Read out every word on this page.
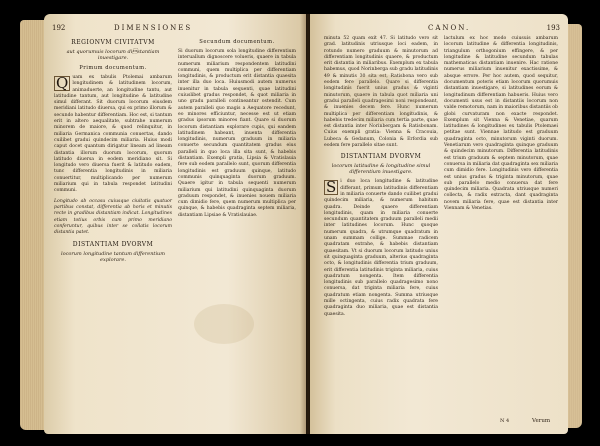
192	DIMENSIONES
REGIONVM CIVITATVM
aut quorumuis locorum distantiam inuestigare.
Primum documentum.

Q uam ex tabulis Ptolemai ambarum longitudinem & latitudinem locorum, animaduerte, an longitudine tantu, aut latitudine tantum, aut longitudine & latitudine simul differant. Sit duorum locorum eiusdem meridiani latitudo diuersa, qui ex primo illorum & secundo habentur differentiam. Hoc est, si tantum erit in altero aequalitate, subtrahe numerum minorem de maiore, & quod relinquitur, in miliaria Germanica communia conuertas, dando cuilibet gradui quindecim miliaria. Huius modi caput docet quantum dirigatur lineam ad lineam distantia illorum duorum locorum, quorum latitudo diuersa in eodem meridiano sit. Si longitudo vero diuersa fuerit & latitudo eadem, tunc differentia longitudinis in miliaria conuertitur, multiplicando per numerum miliarium qui in tabula respondet latitudini communi.

Longitudo ab occasu cuiusque ciuitatis quatuor partibus constat, differentia ab horis et minutis recte in gradibus distantiam indicat. Longitudines etiam totius orbis cum primo meridiano conferuntur, quibus inter se collatis locorum distantia patet.

DISTANTIAM DVORVM
locorum longitudine tantum differentium explorare.
Secundum documentum.

Si duorum locorum sola longitudine differentium interuallum dignoscere volueris, quaere in tabula numerum miliarium respondentem latitudini communi, quem multiplica per differentiam longitudinis, & productum erit distantia quaesita inter illa duo loca. Huiusmodi autem numerus inuenitur in tabula sequenti, quae latitudini cuiuslibet gradus respondet, & quot miliaria in uno gradu paralleli contineantur ostendit. Cum autem paralleli quo magis a Aequatore recedunt, eo minores efficiuntur, necesse est ut etiam gradus ipsorum minores fiant. Quare si duorum locorum distantiam explorare cupis, qui eandem latitudinem habeant, inuenta differentia longitudinis, numerum graduum in miliaria conuerte secundum quantitatem gradus eius paralleli in quo loca illa sita sunt, & habebis distantiam. Exempli gratia, Lipsia & Vratislauia fere sub eodem parallelo sunt, quorum differentia longitudinis est graduum quinque, latitudo communis quinquaginta duorum graduum. Quaere igitur in tabula sequenti numerum miliarium qui latitudini quinquaginta duorum graduum respondet, & inuenies nouem miliaria cum dimidio fere, quem numerum multiplica per quinque, & habebis quadraginta septem miliaria, distantiam Lipsiae & Vratislauiae.

CANON.	193

minuta 52 quam exit 47. Si latitudo vero sit grad. latitudinis utriusque loci eadem, in rotundo numero graduum & minutorum ad differentiam longitudinis quaere, & productum erit distantia in miliaribus. Exemplum ex tabula habemus, quod Norinberga sub gradu latitudinis 49 & minutis 30 sita est, Ratisbona vero sub eodem fere parallelo. Quare si differentia longitudinis fuerit unius gradus & viginti minutorum, quaere in tabula quot miliaria uni gradui paralleli quadragesimi noni respondeant, & inuenies decem fere. Hunc numerum multiplica per differentiam longitudinis, & habebis tredecim miliaria cum tertia parte, quae est distantia inter Norinbergam & Ratisbonam. Cuius exempli gratia: Vienna & Cracouia, Lubeca & Gedanum, Colonia & Erfordia sub eodem fere parallelo sitae sunt.

DISTANTIAM DVORVM
locorum latitudine & longitudine simul differentium inuestigare.

S i duo loca longitudine & latitudine differant, primum latitudinis differentiam in miliaria conuerte dando cuilibet gradui quindecim miliaria, & numerum habitum quadra. Deinde quaere differentiam longitudinis, quam in miliaria conuerte secundum quantitatem graduum paralleli medii inter latitudines locorum. Hunc quoque numerum quadra, & utrumque quadratum in unam summam collige. Summae radicem quadratam extrahe, & habebis distantiam quaesitam. Vt si duorum locorum latitudo unius sit quinquaginta graduum, alterius quadraginta octo, & longitudinis differentia trium graduum, erit differentia latitudinis triginta miliaria, cuius quadratum nongenta. Item differentia longitudinis sub parallelo quadragesimo nono conuersa, dat triginta miliaria fere, cuius quadratum etiam nongenta. Summa utriusque mille octingenta, cuius radix quadrata fere quadraginta duo miliaria, quae est distantia quaesita.

lactulum ex hoc modo cuiusuis ambarum locorum latitudine & differentia longitudinis, triangulum orthogonium effingere, & per longitudine & latitudine secundum tabulas mathematicas distantiam inuenire. Hac ratione numerus miliarium inuenitur exactissime, & absque errore. Per hoc autem, quod sequitur, documentum poteris etiam locorum quorumuis distantiam inuestigare, si latitudines eorum & longitudinum differentiam habueris. Huius vero documenti usus est in distantiis locorum non valde remotorum, nam in maioribus distantiis ob globi curvaturam non exacte respondet. Exemplum sit Vienna & Venetiae, quarum latitudines & longitudines ex tabulis Ptolemaei petitae sunt. Viennae latitudo est graduum quadraginta octo, minutorum viginti duorum. Venetiarum vero quadraginta quinque graduum & quindecim minutorum. Differentia latitudinis est trium graduum & septem minutorum, quae conuersa in miliaria dat quadraginta sex miliaria cum dimidio fere. Longitudinis vero differentia est unius gradus & triginta minutorum, quae sub parallelo medio conuersa dat fere quindecim miliaria. Quadrata utriusque numeri collecta, & radix extracta, dant quadraginta novem miliaria fere, quae est distantia inter Viennam & Venetias.

N 4	Verum
